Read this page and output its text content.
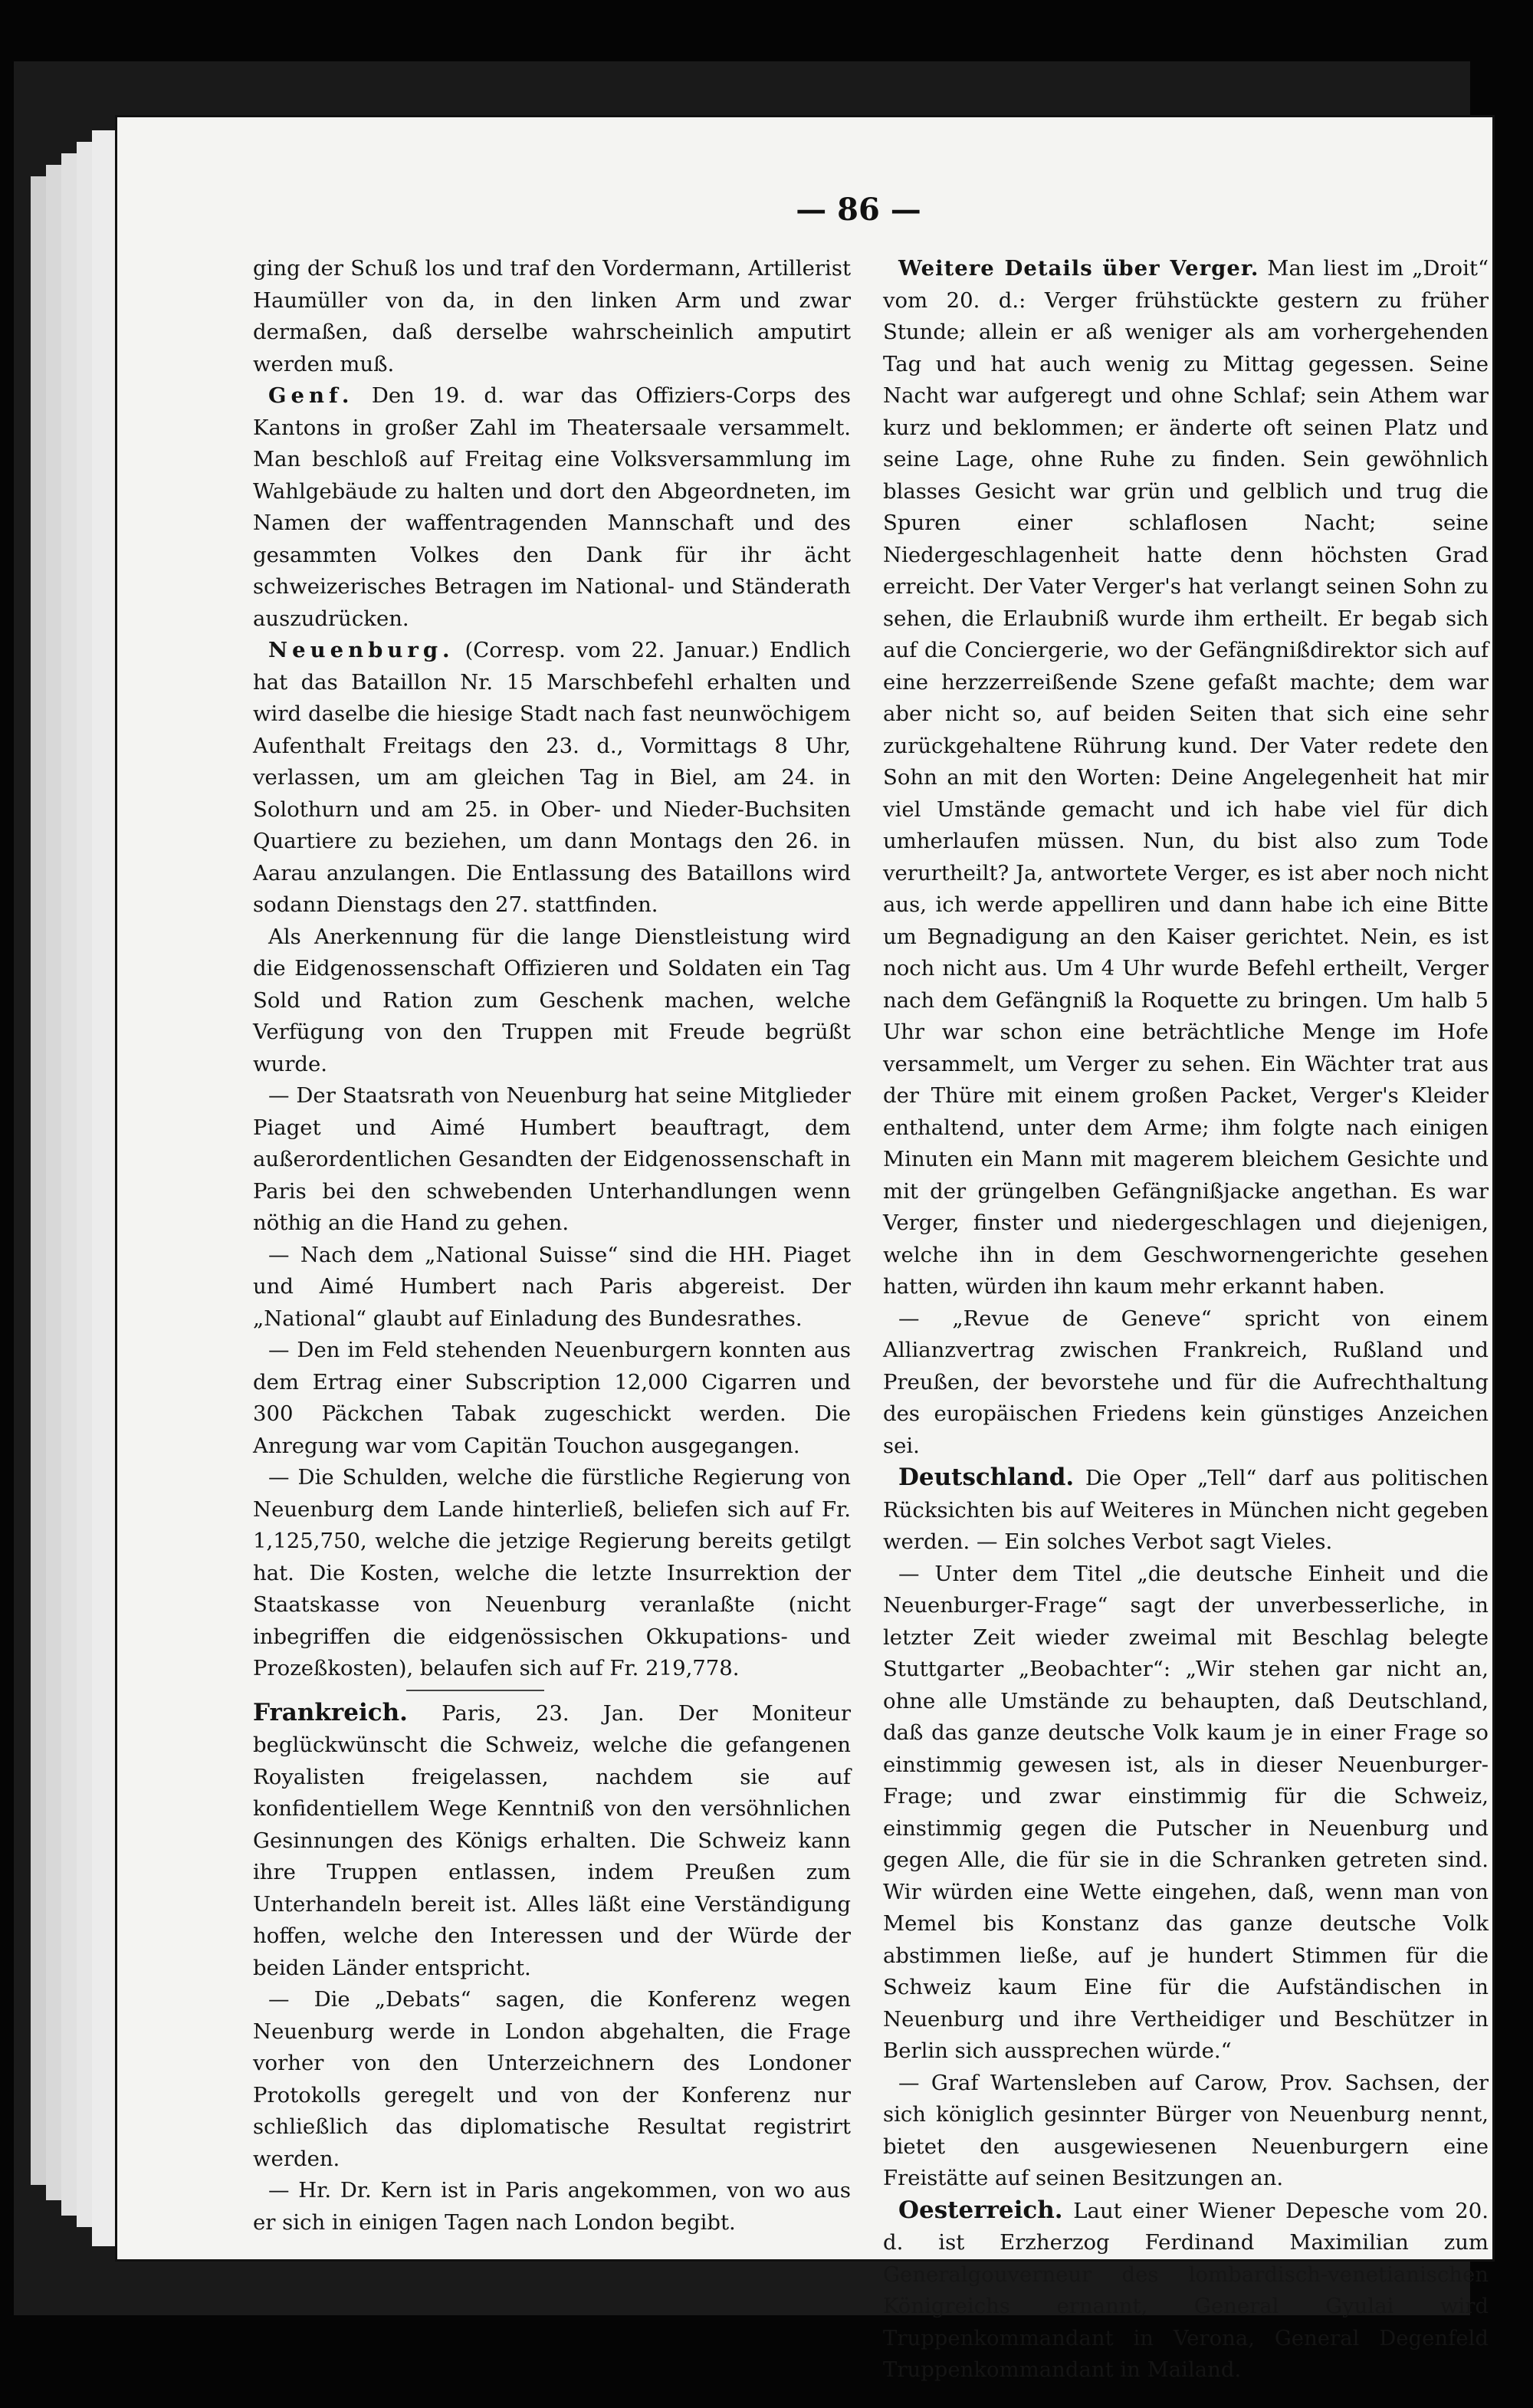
— 86 —

ging der Schuß los und traf den Vordermann, Artillerist Haumüller von da, in den linken Arm und zwar dermaßen, daß derselbe wahrscheinlich amputirt werden muß.

Genf. Den 19. d. war das Offiziers-Corps des Kantons in großer Zahl im Theatersaale versammelt. Man beschloß auf Freitag eine Volksversammlung im Wahlgebäude zu halten und dort den Abgeordneten, im Namen der waffentragenden Mannschaft und des gesammten Volkes den Dank für ihr ächt schweizerisches Betragen im National- und Ständerath auszudrücken.

Neuenburg. (Corresp. vom 22. Januar.) Endlich hat das Bataillon Nr. 15 Marschbefehl erhalten und wird daselbe die hiesige Stadt nach fast neunwöchigem Aufenthalt Freitags den 23. d., Vormittags 8 Uhr, verlassen, um am gleichen Tag in Biel, am 24. in Solothurn und am 25. in Ober- und Nieder-Buchsiten Quartiere zu beziehen, um dann Montags den 26. in Aarau anzulangen. Die Entlassung des Bataillons wird sodann Dienstags den 27. stattfinden.

Als Anerkennung für die lange Dienstleistung wird die Eidgenossenschaft Offizieren und Soldaten ein Tag Sold und Ration zum Geschenk machen, welche Verfügung von den Truppen mit Freude begrüßt wurde.

— Der Staatsrath von Neuenburg hat seine Mitglieder Piaget und Aimé Humbert beauftragt, dem außerordentlichen Gesandten der Eidgenossenschaft in Paris bei den schwebenden Unterhandlungen wenn nöthig an die Hand zu gehen.

— Nach dem „National Suisse“ sind die HH. Piaget und Aimé Humbert nach Paris abgereist. Der „National“ glaubt auf Einladung des Bundesrathes.

— Den im Feld stehenden Neuenburgern konnten aus dem Ertrag einer Subscription 12,000 Cigarren und 300 Päckchen Tabak zugeschickt werden. Die Anregung war vom Capitän Touchon ausgegangen.

— Die Schulden, welche die fürstliche Regierung von Neuenburg dem Lande hinterließ, beliefen sich auf Fr. 1,125,750, welche die jetzige Regierung bereits getilgt hat. Die Kosten, welche die letzte Insurrektion der Staatskasse von Neuenburg veranlaßte (nicht inbegriffen die eidgenössischen Okkupations- und Prozeßkosten), belaufen sich auf Fr. 219,778.

Frankreich. Paris, 23. Jan. Der Moniteur beglückwünscht die Schweiz, welche die gefangenen Royalisten freigelassen, nachdem sie auf konfidentiellem Wege Kenntniß von den versöhnlichen Gesinnungen des Königs erhalten. Die Schweiz kann ihre Truppen entlassen, indem Preußen zum Unterhandeln bereit ist. Alles läßt eine Verständigung hoffen, welche den Interessen und der Würde der beiden Länder entspricht.

— Die „Debats“ sagen, die Konferenz wegen Neuenburg werde in London abgehalten, die Frage vorher von den Unterzeichnern des Londoner Protokolls geregelt und von der Konferenz nur schließlich das diplomatische Resultat registrirt werden.

— Hr. Dr. Kern ist in Paris angekommen, von wo aus er sich in einigen Tagen nach London begibt.

Weitere Details über Verger. Man liest im „Droit“ vom 20. d.: Verger frühstückte gestern zu früher Stunde; allein er aß weniger als am vorhergehenden Tag und hat auch wenig zu Mittag gegessen. Seine Nacht war aufgeregt und ohne Schlaf; sein Athem war kurz und beklommen; er änderte oft seinen Platz und seine Lage, ohne Ruhe zu finden. Sein gewöhnlich blasses Gesicht war grün und gelblich und trug die Spuren einer schlaflosen Nacht; seine Niedergeschlagenheit hatte denn höchsten Grad erreicht. Der Vater Verger's hat verlangt seinen Sohn zu sehen, die Erlaubniß wurde ihm ertheilt. Er begab sich auf die Conciergerie, wo der Gefängnißdirektor sich auf eine herzzerreißende Szene gefaßt machte; dem war aber nicht so, auf beiden Seiten that sich eine sehr zurückgehaltene Rührung kund. Der Vater redete den Sohn an mit den Worten: Deine Angelegenheit hat mir viel Umstände gemacht und ich habe viel für dich umherlaufen müssen. Nun, du bist also zum Tode verurtheilt? Ja, antwortete Verger, es ist aber noch nicht aus, ich werde appelliren und dann habe ich eine Bitte um Begnadigung an den Kaiser gerichtet. Nein, es ist noch nicht aus. Um 4 Uhr wurde Befehl ertheilt, Verger nach dem Gefängniß la Roquette zu bringen. Um halb 5 Uhr war schon eine beträchtliche Menge im Hofe versammelt, um Verger zu sehen. Ein Wächter trat aus der Thüre mit einem großen Packet, Verger's Kleider enthaltend, unter dem Arme; ihm folgte nach einigen Minuten ein Mann mit magerem bleichem Gesichte und mit der grüngelben Gefängnißjacke angethan. Es war Verger, finster und niedergeschlagen und diejenigen, welche ihn in dem Geschwornengerichte gesehen hatten, würden ihn kaum mehr erkannt haben.

— „Revue de Geneve“ spricht von einem Allianzvertrag zwischen Frankreich, Rußland und Preußen, der bevorstehe und für die Aufrechthaltung des europäischen Friedens kein günstiges Anzeichen sei.

Deutschland. Die Oper „Tell“ darf aus politischen Rücksichten bis auf Weiteres in München nicht gegeben werden. — Ein solches Verbot sagt Vieles.

— Unter dem Titel „die deutsche Einheit und die Neuenburger-Frage“ sagt der unverbesserliche, in letzter Zeit wieder zweimal mit Beschlag belegte Stuttgarter „Beobachter“: „Wir stehen gar nicht an, ohne alle Umstände zu behaupten, daß Deutschland, daß das ganze deutsche Volk kaum je in einer Frage so einstimmig gewesen ist, als in dieser Neuenburger-Frage; und zwar einstimmig für die Schweiz, einstimmig gegen die Putscher in Neuenburg und gegen Alle, die für sie in die Schranken getreten sind. Wir würden eine Wette eingehen, daß, wenn man von Memel bis Konstanz das ganze deutsche Volk abstimmen ließe, auf je hundert Stimmen für die Schweiz kaum Eine für die Aufständischen in Neuenburg und ihre Vertheidiger und Beschützer in Berlin sich aussprechen würde.“

— Graf Wartensleben auf Carow, Prov. Sachsen, der sich königlich gesinnter Bürger von Neuenburg nennt, bietet den ausgewiesenen Neuenburgern eine Freistätte auf seinen Besitzungen an.

Oesterreich. Laut einer Wiener Depesche vom 20. d. ist Erzherzog Ferdinand Maximilian zum Generalgouverneur des lombardisch-venetianischen Königreichs ernannt, General Gyulai wird Truppenkommandant in Verona, General Degenfeld Truppenkommandant in Mailand.
